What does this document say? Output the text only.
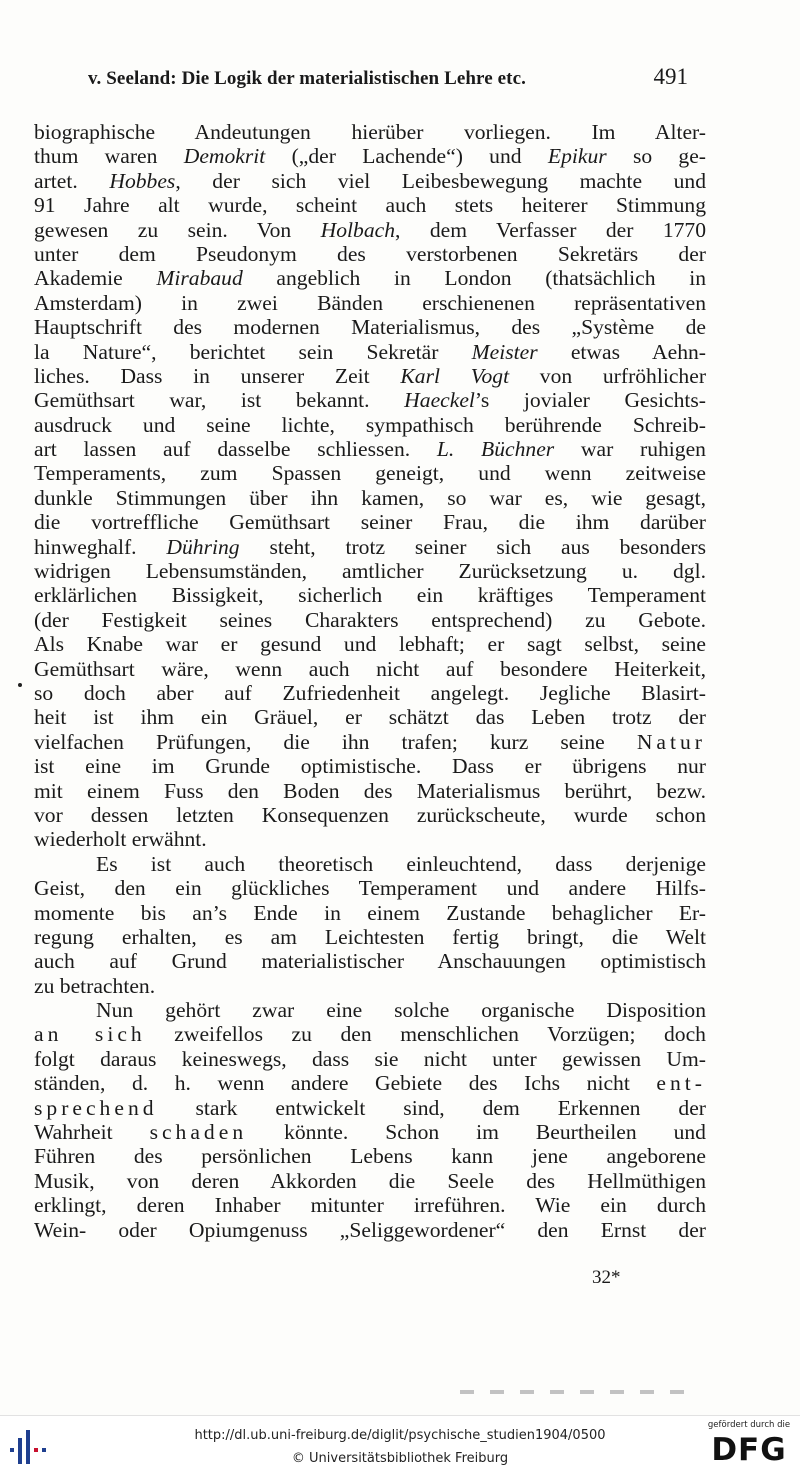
v. Seeland: Die Logik der materialistischen Lehre etc.	491
biographische Andeutungen hierüber vorliegen. Im Alter-
thum waren Demokrit („der Lachende“) und Epikur so ge-
artet. Hobbes, der sich viel Leibesbewegung machte und
91 Jahre alt wurde, scheint auch stets heiterer Stimmung
gewesen zu sein. Von Holbach, dem Verfasser der 1770
unter dem Pseudonym des verstorbenen Sekretärs der
Akademie Mirabaud angeblich in London (thatsächlich in
Amsterdam) in zwei Bänden erschienenen repräsentativen
Hauptschrift des modernen Materialismus, des „Système de
la Nature“, berichtet sein Sekretär Meister etwas Aehn-
liches. Dass in unserer Zeit Karl Vogt von urfröhlicher
Gemüthsart war, ist bekannt. Haeckel’s jovialer Gesichts-
ausdruck und seine lichte, sympathisch berührende Schreib-
art lassen auf dasselbe schliessen. L. Büchner war ruhigen
Temperaments, zum Spassen geneigt, und wenn zeitweise
dunkle Stimmungen über ihn kamen, so war es, wie gesagt,
die vortreffliche Gemüthsart seiner Frau, die ihm darüber
hinweghalf. Dühring steht, trotz seiner sich aus besonders
widrigen Lebensumständen, amtlicher Zurücksetzung u. dgl.
erklärlichen Bissigkeit, sicherlich ein kräftiges Temperament
(der Festigkeit seines Charakters entsprechend) zu Gebote.
Als Knabe war er gesund und lebhaft; er sagt selbst, seine
Gemüthsart wäre, wenn auch nicht auf besondere Heiterkeit,
so doch aber auf Zufriedenheit angelegt. Jegliche Blasirt-
heit ist ihm ein Gräuel, er schätzt das Leben trotz der
vielfachen Prüfungen, die ihn trafen; kurz seine Natur
ist eine im Grunde optimistische. Dass er übrigens nur
mit einem Fuss den Boden des Materialismus berührt, bezw.
vor dessen letzten Konsequenzen zurückscheute, wurde schon
wiederholt erwähnt.
Es ist auch theoretisch einleuchtend, dass derjenige
Geist, den ein glückliches Temperament und andere Hilfs-
momente bis an’s Ende in einem Zustande behaglicher Er-
regung erhalten, es am Leichtesten fertig bringt, die Welt
auch auf Grund materialistischer Anschauungen optimistisch
zu betrachten.
Nun gehört zwar eine solche organische Disposition
an sich zweifellos zu den menschlichen Vorzügen; doch
folgt daraus keineswegs, dass sie nicht unter gewissen Um-
ständen, d. h. wenn andere Gebiete des Ichs nicht ent-
sprechend stark entwickelt sind, dem Erkennen der
Wahrheit schaden könnte. Schon im Beurtheilen und
Führen des persönlichen Lebens kann jene angeborene
Musik, von deren Akkorden die Seele des Hellmüthigen
erklingt, deren Inhaber mitunter irreführen. Wie ein durch
Wein- oder Opiumgenuss „Seliggewordener“ den Ernst der
32*
http://dl.ub.uni-freiburg.de/diglit/psychische_studien1904/0500
© Universitätsbibliothek Freiburg
gefördert durch die
DFG
